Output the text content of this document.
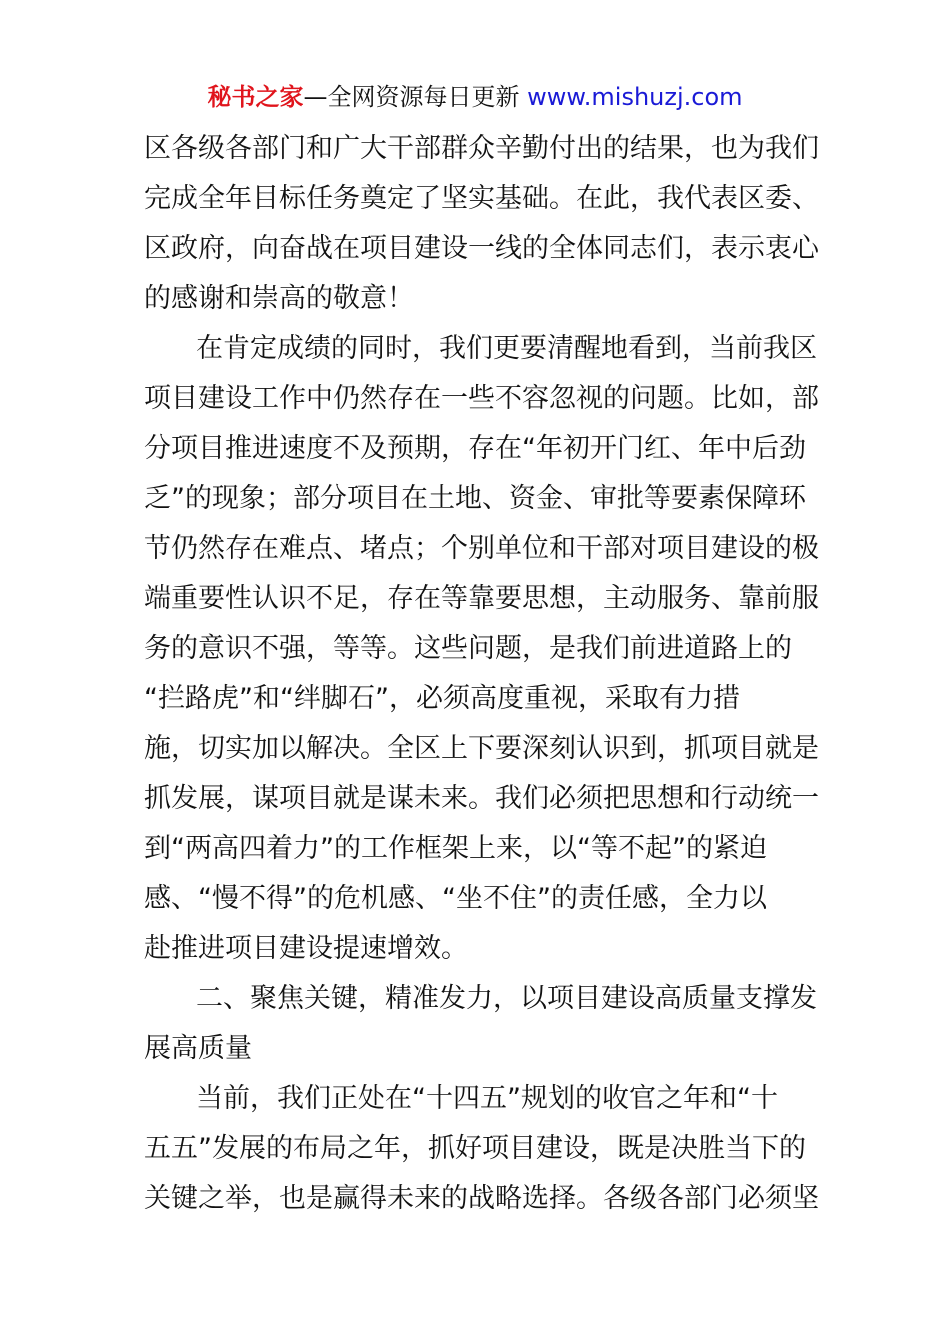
秘书之家—全网资源每日更新 www.mishuzj.com
区各级各部门和广大干部群众辛勤付出的结果，也为我们
完成全年目标任务奠定了坚实基础。在此，我代表区委、
区政府，向奋战在项目建设一线的全体同志们，表示衷心
的感谢和崇高的敬意！
在肯定成绩的同时，我们更要清醒地看到，当前我区
项目建设工作中仍然存在一些不容忽视的问题。比如，部
分项目推进速度不及预期，存在“年初开门红、年中后劲
乏”的现象；部分项目在土地、资金、审批等要素保障环
节仍然存在难点、堵点；个别单位和干部对项目建设的极
端重要性认识不足，存在等靠要思想，主动服务、靠前服
务的意识不强，等等。这些问题，是我们前进道路上的
“拦路虎”和“绊脚石”，必须高度重视，采取有力措
施，切实加以解决。全区上下要深刻认识到，抓项目就是
抓发展，谋项目就是谋未来。我们必须把思想和行动统一
到“两高四着力”的工作框架上来，以“等不起”的紧迫
感、“慢不得”的危机感、“坐不住”的责任感，全力以
赴推进项目建设提速增效。
二、聚焦关键，精准发力，以项目建设高质量支撑发
展高质量
当前，我们正处在“十四五”规划的收官之年和“十
五五”发展的布局之年，抓好项目建设，既是决胜当下的
关键之举，也是赢得未来的战略选择。各级各部门必须坚
